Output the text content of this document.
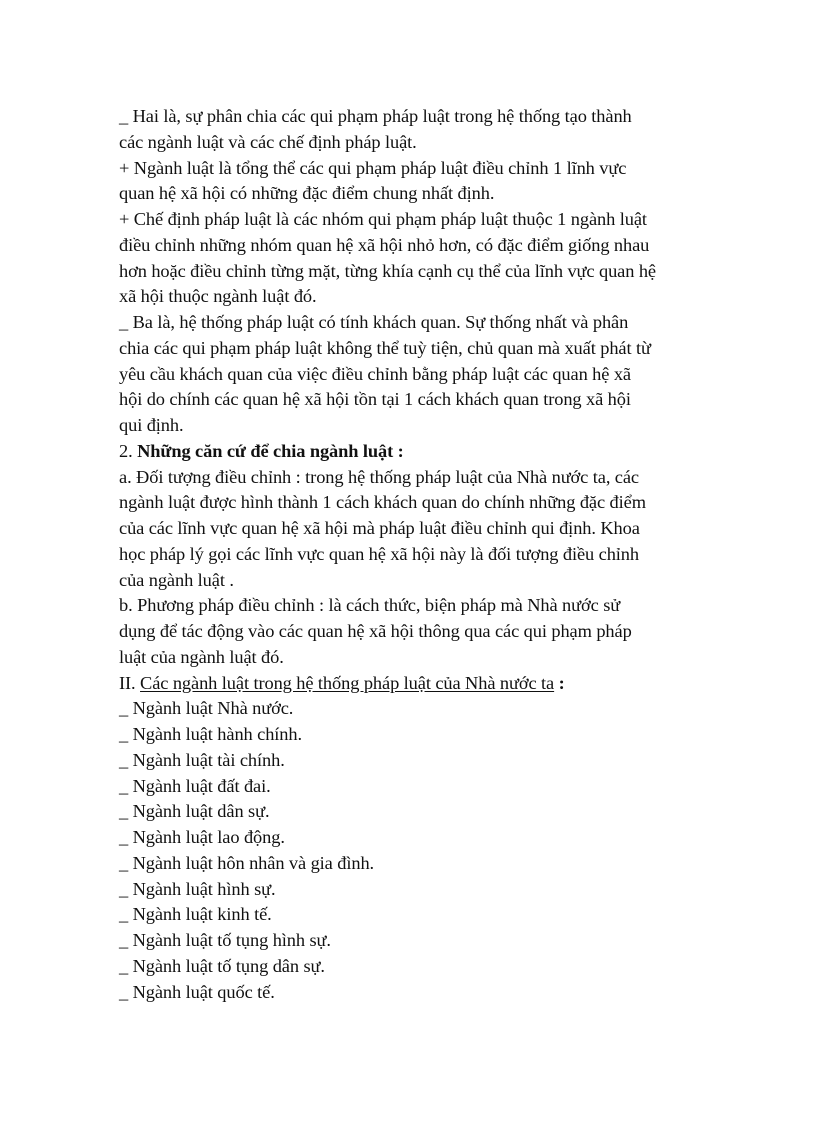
_ Hai là, sự phân chia các qui phạm pháp luật trong hệ thống tạo thành
các ngành luật và các chế định pháp luật.
+ Ngành luật là tổng thể các qui phạm pháp luật điều chỉnh 1 lĩnh vực
quan hệ xã hội có những đặc điểm chung nhất định.
+ Chế định pháp luật là các nhóm qui phạm pháp luật thuộc 1 ngành luật
điều chỉnh những nhóm quan hệ xã hội nhỏ hơn, có đặc điểm giống nhau
hơn hoặc điều chỉnh từng mặt, từng khía cạnh cụ thể của lĩnh vực quan hệ
xã hội thuộc ngành luật đó.
_ Ba là, hệ thống pháp luật có tính khách quan. Sự thống nhất và phân
chia các qui phạm pháp luật không thể tuỳ tiện, chủ quan mà xuất phát từ
yêu cầu khách quan của việc điều chỉnh bằng pháp luật các quan hệ xã
hội do chính các quan hệ xã hội tồn tại 1 cách khách quan trong xã hội
qui định.
2. Những căn cứ để chia ngành luật :
a. Đối tượng điều chỉnh : trong hệ thống pháp luật của Nhà nước ta, các
ngành luật được hình thành 1 cách khách quan do chính những đặc điểm
của các lĩnh vực quan hệ xã hội mà pháp luật điều chỉnh qui định. Khoa
học pháp lý gọi các lĩnh vực quan hệ xã hội này là đối tượng điều chỉnh
của ngành luật .
b. Phương pháp điều chỉnh : là cách thức, biện pháp mà Nhà nước sử
dụng để tác động vào các quan hệ xã hội thông qua các qui phạm pháp
luật của ngành luật đó.
II. Các ngành luật trong hệ thống pháp luật của Nhà nước ta :
_ Ngành luật Nhà nước.
_ Ngành luật hành chính.
_ Ngành luật tài chính.
_ Ngành luật đất đai.
_ Ngành luật dân sự.
_ Ngành luật lao động.
_ Ngành luật hôn nhân và gia đình.
_ Ngành luật hình sự.
_ Ngành luật kinh tế.
_ Ngành luật tố tụng hình sự.
_ Ngành luật tố tụng dân sự.
_ Ngành luật quốc tế.
